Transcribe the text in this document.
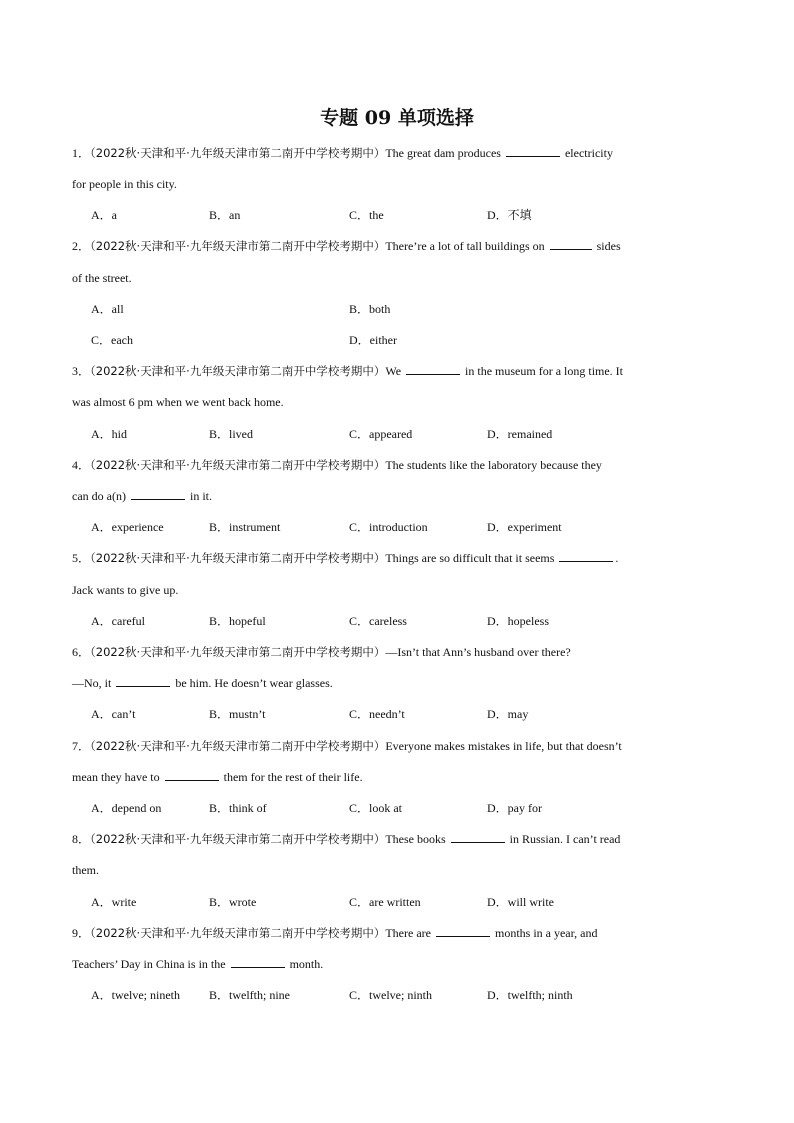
专题 09 单项选择
1．（2022秋·天津和平·九年级天津市第二南开中学校考期中）The great dam produces	electricity
for people in this city.
A．a	B．an	C．the	D．不填
2．（2022秋·天津和平·九年级天津市第二南开中学校考期中）There’re a lot of tall buildings on	sides
of the street.
A．all	B．both
C．each	D．either
3．（2022秋·天津和平·九年级天津市第二南开中学校考期中）We	in the museum for a long time. It
was almost 6 pm when we went back home.
A．hid	B．lived	C．appeared	D．remained
4．（2022秋·天津和平·九年级天津市第二南开中学校考期中）The students like the laboratory because they
can do a(n)	in it.
A．experience	B．instrument	C．introduction	D．experiment
5．（2022秋·天津和平·九年级天津市第二南开中学校考期中）Things are so difficult that it seems	.
Jack wants to give up.
A．careful	B．hopeful	C．careless	D．hopeless
6．（2022秋·天津和平·九年级天津市第二南开中学校考期中）—Isn’t that Ann’s husband over there?
—No, it	be him. He doesn’t wear glasses.
A．can’t	B．mustn’t	C．needn’t	D．may
7．（2022秋·天津和平·九年级天津市第二南开中学校考期中）Everyone makes mistakes in life, but that doesn’t
mean they have to	them for the rest of their life.
A．depend on	B．think of	C．look at	D．pay for
8．（2022秋·天津和平·九年级天津市第二南开中学校考期中）These books	in Russian. I can’t read
them.
A．write	B．wrote	C．are written	D．will write
9．（2022秋·天津和平·九年级天津市第二南开中学校考期中）There are	months in a year, and
Teachers’ Day in China is in the	month.
A．twelve; nineth B．twelfth; nine	C．twelve; ninth	D．twelfth; ninth
